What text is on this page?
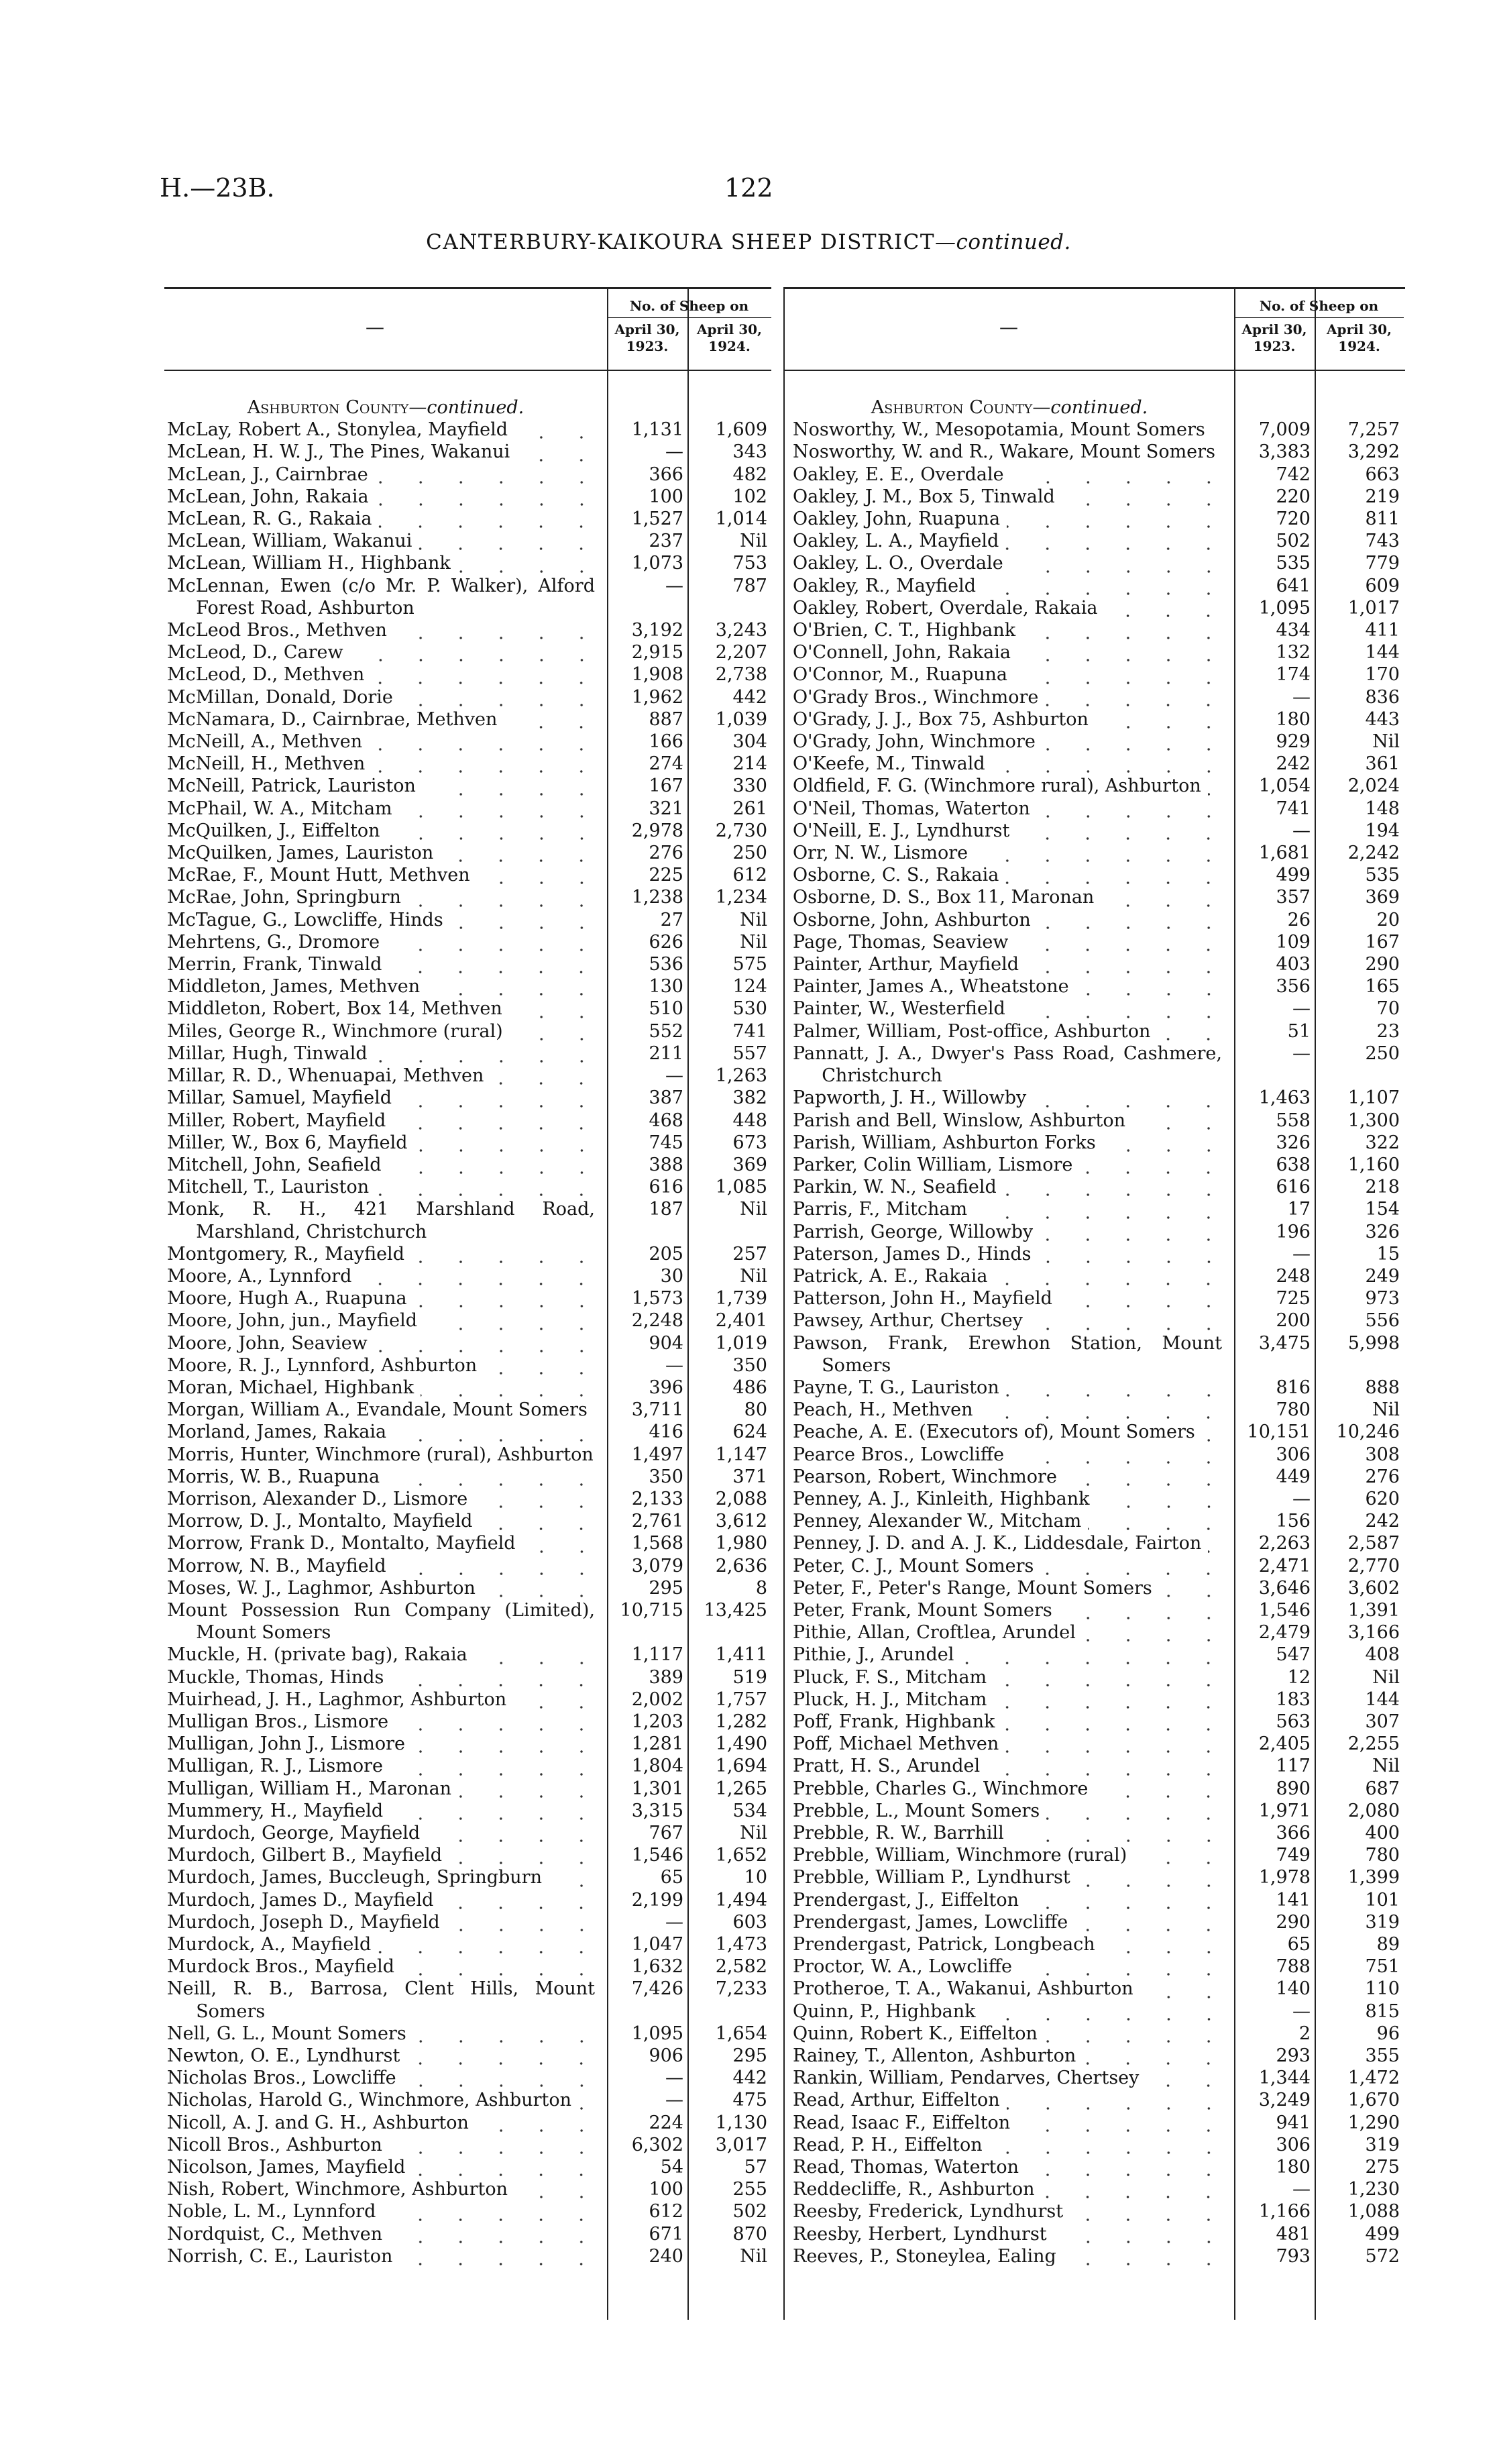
H.—23B.	122
CANTERBURY-KAIKOURA SHEEP DISTRICT—continued.
—
No. of Sheep on
April 30, 1923.
April 30, 1924.
Ashburton County—continued.
McLay, Robert A., Stonylea, Mayfield	1,131	1,609
McLean, H. W. J., The Pines, Wakanui	—	343
McLean, J., Cairnbrae	366	482
McLean, John, Rakaia	100	102
McLean, R. G., Rakaia	1,527	1,014
McLean, William, Wakanui	237	Nil
McLean, William H., Highbank	1,073	753
McLennan, Ewen (c/o Mr. P. Walker), Alford Forest Road, Ashburton
—	787
McLeod Bros., Methven	3,192	3,243
McLeod, D., Carew	2,915	2,207
McLeod, D., Methven	1,908	2,738
McMillan, Donald, Dorie	1,962	442
McNamara, D., Cairnbrae, Methven	887	1,039
McNeill, A., Methven	166	304
McNeill, H., Methven	274	214
McNeill, Patrick, Lauriston	167	330
McPhail, W. A., Mitcham	321	261
McQuilken, J., Eiffelton	2,978	2,730
McQuilken, James, Lauriston	276	250
McRae, F., Mount Hutt, Methven	225	612
McRae, John, Springburn	1,238	1,234
McTague, G., Lowcliffe, Hinds	27	Nil
Mehrtens, G., Dromore	626	Nil
Merrin, Frank, Tinwald	536	575
Middleton, James, Methven	130	124
Middleton, Robert, Box 14, Methven	510	530
Miles, George R., Winchmore (rural)	552	741
Millar, Hugh, Tinwald	211	557
Millar, R. D., Whenuapai, Methven	—	1,263
Millar, Samuel, Mayfield	387	382
Miller, Robert, Mayfield	468	448
Miller, W., Box 6, Mayfield	745	673
Mitchell, John, Seafield	388	369
Mitchell, T., Lauriston	616	1,085
Monk, R. H., 421 Marshland Road, Marshland, Christchurch
187	Nil
Montgomery, R., Mayfield	205	257
Moore, A., Lynnford	30	Nil
Moore, Hugh A., Ruapuna	1,573	1,739
Moore, John, jun., Mayfield	2,248	2,401
Moore, John, Seaview	904	1,019
Moore, R. J., Lynnford, Ashburton	—	350
Moran, Michael, Highbank	396	486
Morgan, William A., Evandale, Mount Somers	3,711	80
Morland, James, Rakaia	416	624
Morris, Hunter, Winchmore (rural), Ashburton	1,497	1,147
Morris, W. B., Ruapuna	350	371
Morrison, Alexander D., Lismore	2,133	2,088
Morrow, D. J., Montalto, Mayfield	2,761	3,612
Morrow, Frank D., Montalto, Mayfield	1,568	1,980
Morrow, N. B., Mayfield	3,079	2,636
Moses, W. J., Laghmor, Ashburton	295	8
Mount Possession Run Company (Limited), Mount Somers
10,715	13,425
Muckle, H. (private bag), Rakaia	1,117	1,411
Muckle, Thomas, Hinds	389	519
Muirhead, J. H., Laghmor, Ashburton	2,002	1,757
Mulligan Bros., Lismore	1,203	1,282
Mulligan, John J., Lismore	1,281	1,490
Mulligan, R. J., Lismore	1,804	1,694
Mulligan, William H., Maronan	1,301	1,265
Mummery, H., Mayfield	3,315	534
Murdoch, George, Mayfield	767	Nil
Murdoch, Gilbert B., Mayfield	1,546	1,652
Murdoch, James, Buccleugh, Springburn	65	10
Murdoch, James D., Mayfield	2,199	1,494
Murdoch, Joseph D., Mayfield	—	603
Murdock, A., Mayfield	1,047	1,473
Murdock Bros., Mayfield	1,632	2,582
Neill, R. B., Barrosa, Clent Hills, Mount Somers
7,426	7,233
Nell, G. L., Mount Somers	1,095	1,654
Newton, O. E., Lyndhurst	906	295
Nicholas Bros., Lowcliffe	—	442
Nicholas, Harold G., Winchmore, Ashburton	—	475
Nicoll, A. J. and G. H., Ashburton	224	1,130
Nicoll Bros., Ashburton	6,302	3,017
Nicolson, James, Mayfield	54	57
Nish, Robert, Winchmore, Ashburton	100	255
Noble, L. M., Lynnford	612	502
Nordquist, C., Methven	671	870
Norrish, C. E., Lauriston	240	Nil
—
No. of Sheep on
April 30, 1923.
April 30, 1924.
Ashburton County—continued.
Nosworthy, W., Mesopotamia, Mount Somers	7,009	7,257
Nosworthy, W. and R., Wakare, Mount Somers	3,383	3,292
Oakley, E. E., Overdale	742	663
Oakley, J. M., Box 5, Tinwald	220	219
Oakley, John, Ruapuna	720	811
Oakley, L. A., Mayfield	502	743
Oakley, L. O., Overdale	535	779
Oakley, R., Mayfield	641	609
Oakley, Robert, Overdale, Rakaia	1,095	1,017
O'Brien, C. T., Highbank	434	411
O'Connell, John, Rakaia	132	144
O'Connor, M., Ruapuna	174	170
O'Grady Bros., Winchmore	—	836
O'Grady, J. J., Box 75, Ashburton	180	443
O'Grady, John, Winchmore	929	Nil
O'Keefe, M., Tinwald	242	361
Oldfield, F. G. (Winchmore rural), Ashburton	1,054	2,024
O'Neil, Thomas, Waterton	741	148
O'Neill, E. J., Lyndhurst	—	194
Orr, N. W., Lismore	1,681	2,242
Osborne, C. S., Rakaia	499	535
Osborne, D. S., Box 11, Maronan	357	369
Osborne, John, Ashburton	26	20
Page, Thomas, Seaview	109	167
Painter, Arthur, Mayfield	403	290
Painter, James A., Wheatstone	356	165
Painter, W., Westerfield	—	70
Palmer, William, Post-office, Ashburton	51	23
Pannatt, J. A., Dwyer's Pass Road, Cashmere, Christchurch
—	250
Papworth, J. H., Willowby	1,463	1,107
Parish and Bell, Winslow, Ashburton	558	1,300
Parish, William, Ashburton Forks	326	322
Parker, Colin William, Lismore	638	1,160
Parkin, W. N., Seafield	616	218
Parris, F., Mitcham	17	154
Parrish, George, Willowby	196	326
Paterson, James D., Hinds	—	15
Patrick, A. E., Rakaia	248	249
Patterson, John H., Mayfield	725	973
Pawsey, Arthur, Chertsey	200	556
Pawson, Frank, Erewhon Station, Mount Somers
3,475	5,998
Payne, T. G., Lauriston	816	888
Peach, H., Methven	780	Nil
Peache, A. E. (Executors of), Mount Somers	10,151	10,246
Pearce Bros., Lowcliffe	306	308
Pearson, Robert, Winchmore	449	276
Penney, A. J., Kinleith, Highbank	—	620
Penney, Alexander W., Mitcham	156	242
Penney, J. D. and A. J. K., Liddesdale, Fairton	2,263	2,587
Peter, C. J., Mount Somers	2,471	2,770
Peter, F., Peter's Range, Mount Somers	3,646	3,602
Peter, Frank, Mount Somers	1,546	1,391
Pithie, Allan, Croftlea, Arundel	2,479	3,166
Pithie, J., Arundel	547	408
Pluck, F. S., Mitcham	12	Nil
Pluck, H. J., Mitcham	183	144
Poff, Frank, Highbank	563	307
Poff, Michael Methven	2,405	2,255
Pratt, H. S., Arundel	117	Nil
Prebble, Charles G., Winchmore	890	687
Prebble, L., Mount Somers	1,971	2,080
Prebble, R. W., Barrhill	366	400
Prebble, William, Winchmore (rural)	749	780
Prebble, William P., Lyndhurst	1,978	1,399
Prendergast, J., Eiffelton	141	101
Prendergast, James, Lowcliffe	290	319
Prendergast, Patrick, Longbeach	65	89
Proctor, W. A., Lowcliffe	788	751
Protheroe, T. A., Wakanui, Ashburton	140	110
Quinn, P., Highbank	—	815
Quinn, Robert K., Eiffelton	2	96
Rainey, T., Allenton, Ashburton	293	355
Rankin, William, Pendarves, Chertsey	1,344	1,472
Read, Arthur, Eiffelton	3,249	1,670
Read, Isaac F., Eiffelton	941	1,290
Read, P. H., Eiffelton	306	319
Read, Thomas, Waterton	180	275
Reddecliffe, R., Ashburton	—	1,230
Reesby, Frederick, Lyndhurst	1,166	1,088
Reesby, Herbert, Lyndhurst	481	499
Reeves, P., Stoneylea, Ealing	793	572
